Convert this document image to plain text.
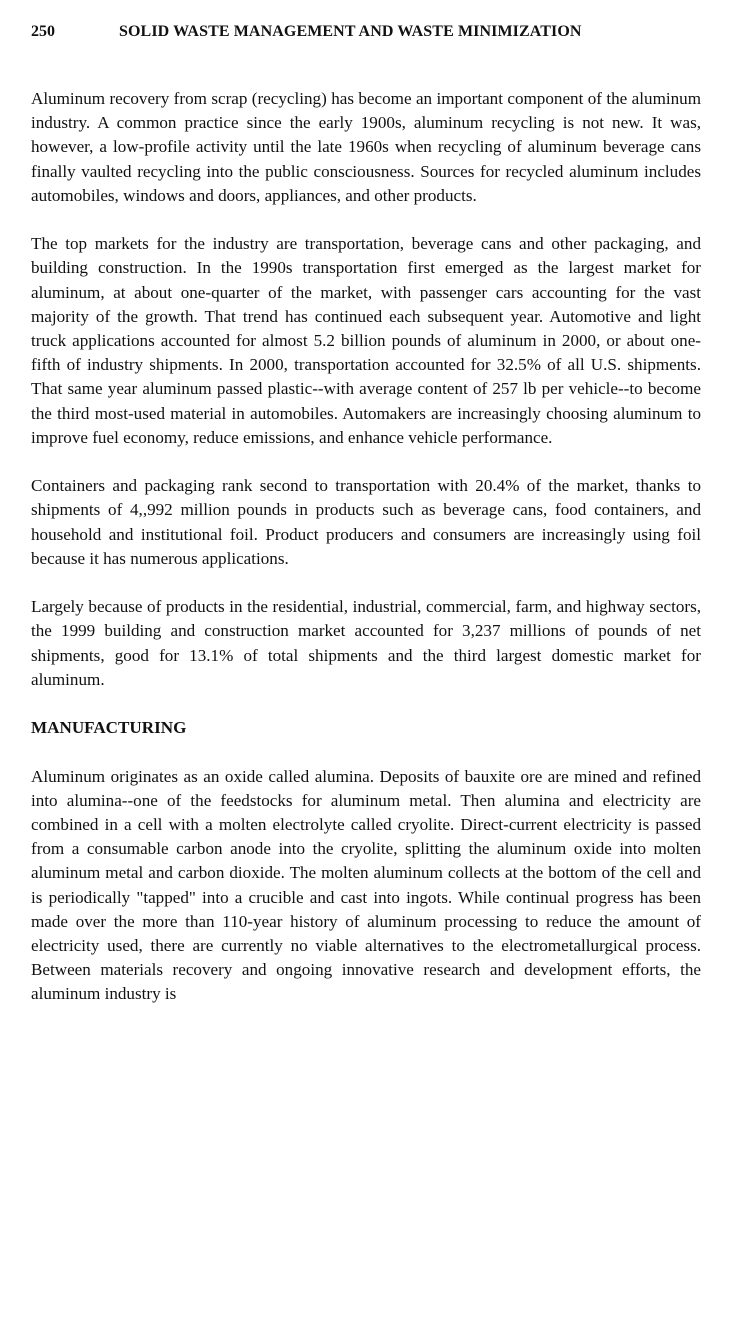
250	SOLID WASTE MANAGEMENT AND WASTE MINIMIZATION

Aluminum recovery from scrap (recycling) has become an important component of the aluminum industry. A common practice since the early 1900s, aluminum recycling is not new. It was, however, a low-profile activity until the late 1960s when recycling of aluminum beverage cans finally vaulted recycling into the public consciousness. Sources for recycled aluminum includes automobiles, windows and doors, appliances, and other products.

The top markets for the industry are transportation, beverage cans and other packaging, and building construction. In the 1990s transportation first emerged as the largest market for aluminum, at about one-quarter of the market, with passenger cars accounting for the vast majority of the growth. That trend has continued each subsequent year. Automotive and light truck applications accounted for almost 5.2 billion pounds of aluminum in 2000, or about one-fifth of industry shipments. In 2000, transportation accounted for 32.5% of all U.S. shipments. That same year aluminum passed plastic--with average content of 257 lb per vehicle--to become the third most-used material in automobiles. Automakers are increasingly choosing aluminum to improve fuel economy, reduce emissions, and enhance vehicle performance.

Containers and packaging rank second to transportation with 20.4% of the market, thanks to shipments of 4,,992 million pounds in products such as beverage cans, food containers, and household and institutional foil. Product producers and consumers are increasingly using foil because it has numerous applications.

Largely because of products in the residential, industrial, commercial, farm, and highway sectors, the 1999 building and construction market accounted for 3,237 millions of pounds of net shipments, good for 13.1% of total shipments and the third largest domestic market for aluminum.

MANUFACTURING

Aluminum originates as an oxide called alumina. Deposits of bauxite ore are mined and refined into alumina--one of the feedstocks for aluminum metal. Then alumina and electricity are combined in a cell with a molten electrolyte called cryolite. Direct-current electricity is passed from a consumable carbon anode into the cryolite, splitting the aluminum oxide into molten aluminum metal and carbon dioxide. The molten aluminum collects at the bottom of the cell and is periodically "tapped" into a crucible and cast into ingots. While continual progress has been made over the more than 110-year history of aluminum processing to reduce the amount of electricity used, there are currently no viable alternatives to the electrometallurgical process. Between materials recovery and ongoing innovative research and development efforts, the aluminum industry is
